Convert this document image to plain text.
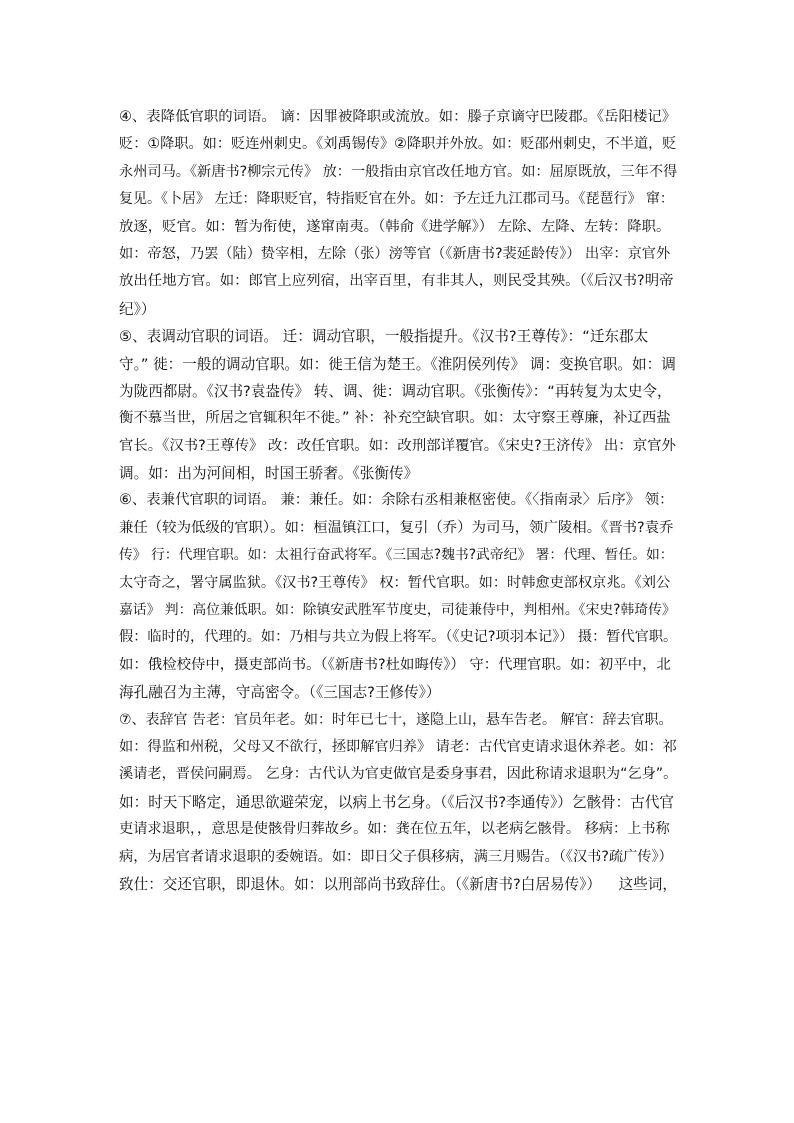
④、表降低官职的词语。 谪：因罪被降职或流放。如：滕子京谪守巴陵郡。《岳阳楼记》
贬：①降职。如：贬连州刺史。《刘禹锡传》②降职并外放。如：贬邵州刺史，不半道，贬
永州司马。《新唐书?柳宗元传》 放：一般指由京官改任地方官。如：屈原既放，三年不得
复见。《卜居》 左迁：降职贬官，特指贬官在外。如：予左迁九江郡司马。《琵琶行》 窜：
放逐，贬官。如：暂为衔使，遂窜南夷。（韩俞《进学解》） 左除、左降、左转：降职。
如：帝怒，乃罢（陆）贽宰相，左除（张）滂等官（《新唐书?裴延龄传》） 出宰：京官外
放出任地方官。如：郎官上应列宿，出宰百里，有非其人，则民受其殃。（《后汉书?明帝
纪》）
⑤、表调动官职的词语。 迁：调动官职，一般指提升。《汉书?王尊传》：“迁东郡太
守。” 徙：一般的调动官职。如：徙王信为楚王。《淮阴侯列传》 调：变换官职。如：调
为陇西都尉。《汉书?袁盎传》 转、调、徙：调动官职。《张衡传》：“再转复为太史令，
衡不慕当世，所居之官辄积年不徙。” 补：补充空缺官职。如：太守察王尊廉，补辽西盐
官长。《汉书?王尊传》 改：改任官职。如：改刑部详覆官。《宋史?王济传》 出：京官外
调。如：出为河间相，时国王骄奢。《张衡传》
⑥、表兼代官职的词语。 兼：兼任。如：余除右丞相兼枢密使。《〈指南录〉后序》 领：
兼任（较为低级的官职）。如：桓温镇江口，复引（乔）为司马，领广陵相。《晋书?袁乔
传》 行：代理官职。如：太祖行奋武将军。《三国志?魏书?武帝纪》 署：代理、暂任。如：
太守奇之，署守属监狱。《汉书?王尊传》 权：暂代官职。如：时韩愈吏部权京兆。《刘公
嘉话》 判：高位兼低职。如：除镇安武胜军节度史，司徒兼侍中，判相州。《宋史?韩琦传》
假：临时的，代理的。如：乃相与共立为假上将军。（《史记?项羽本记》） 摄：暂代官职。
如：俄检校侍中，摄吏部尚书。（《新唐书?杜如晦传》） 守：代理官职。如：初平中，北
海孔融召为主薄，守高密令。（《三国志?王修传》）
⑦、表辞官 告老：官员年老。如：时年已七十，遂隐上山，悬车告老。 解官：辞去官职。
如：得监和州税，父母又不欲行，拯即解官归养》 请老：古代官吏请求退休养老。如：祁
溪请老，晋侯问嗣焉。 乞身：古代认为官吏做官是委身事君，因此称请求退职为“乞身”。
如：时天下略定，通思欲避荣宠，以病上书乞身。（《后汉书?李通传》）乞骸骨：古代官
吏请求退职，，意思是使骸骨归葬故乡。如：龚在位五年，以老病乞骸骨。 移病：上书称
病，为居官者请求退职的委婉语。如：即日父子俱移病，满三月赐告。（《汉书?疏广传》）
致仕：交还官职，即退休。如：以刑部尚书致辞仕。（《新唐书?白居易传》） 这些词，
